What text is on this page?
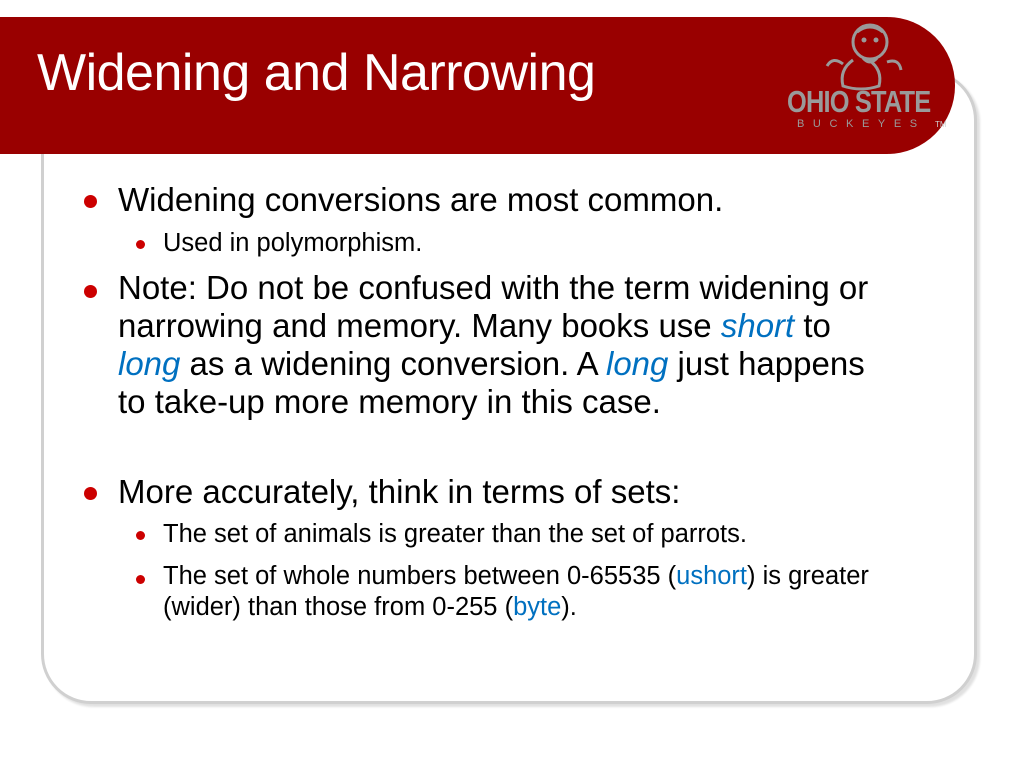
Widening and Narrowing	OHIO STATE
BUCKEYES TM
Widening conversions are most common.
Used in polymorphism.
Note: Do not be confused with the term widening or narrowing and memory. Many books use short to long as a widening conversion. A long just happens to take-up more memory in this case.
More accurately, think in terms of sets:
The set of animals is greater than the set of parrots.
The set of whole numbers between 0-65535 (ushort) is greater (wider) than those from 0-255 (byte).
